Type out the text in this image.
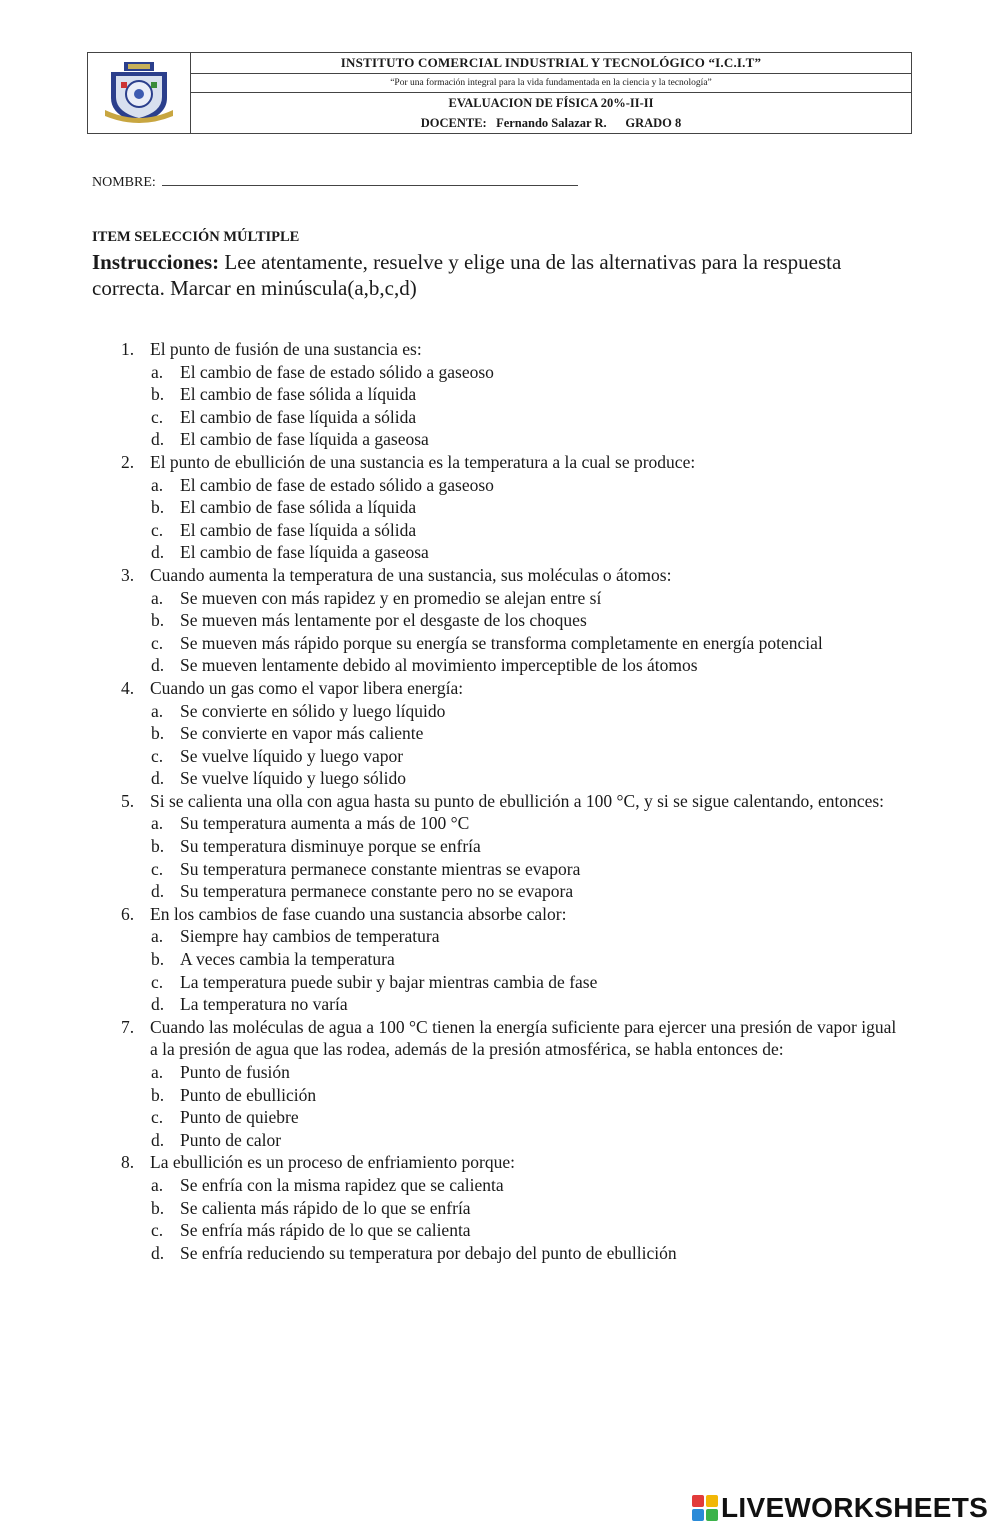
INSTITUTO COMERCIAL INDUSTRIAL Y TECNOLÓGICO “I.C.I.T”
“Por una formación integral para la vida fundamentada en la ciencia y la tecnología”
EVALUACION DE FÍSICA 20%-II-II
DOCENTE:
Fernando Salazar R.
GRADO 8
NOMBRE:
ITEM SELECCIÓN MÚLTIPLE
Instrucciones: Lee atentamente, resuelve y elige una de las alternativas para la respuesta correcta. Marcar en minúscula(a,b,c,d)
1. El punto de fusión de una sustancia es:
a. El cambio de fase de estado sólido a gaseoso
b. El cambio de fase sólida a líquida
c. El cambio de fase líquida a sólida
d. El cambio de fase líquida a gaseosa
2. El punto de ebullición de una sustancia es la temperatura a la cual se produce:
a. El cambio de fase de estado sólido a gaseoso
b. El cambio de fase sólida a líquida
c. El cambio de fase líquida a sólida
d. El cambio de fase líquida a gaseosa
3. Cuando aumenta la temperatura de una sustancia, sus moléculas o átomos:
a. Se mueven con más rapidez y en promedio se alejan entre sí
b. Se mueven más lentamente por el desgaste de los choques
c. Se mueven más rápido porque su energía se transforma completamente en energía potencial
d. Se mueven lentamente debido al movimiento imperceptible de los átomos
4. Cuando un gas como el vapor libera energía:
a. Se convierte en sólido y luego líquido
b. Se convierte en vapor más caliente
c. Se vuelve líquido y luego vapor
d. Se vuelve líquido y luego sólido
5. Si se calienta una olla con agua hasta su punto de ebullición a 100 °C, y si se sigue calentando, entonces:
a. Su temperatura aumenta a más de 100 °C
b. Su temperatura disminuye porque se enfría
c. Su temperatura permanece constante mientras se evapora
d. Su temperatura permanece constante pero no se evapora
6. En los cambios de fase cuando una sustancia absorbe calor:
a. Siempre hay cambios de temperatura
b. A veces cambia la temperatura
c. La temperatura puede subir y bajar mientras cambia de fase
d. La temperatura no varía
7. Cuando las moléculas de agua a 100 °C tienen la energía suficiente para ejercer una presión de vapor igual a la presión de agua que las rodea, además de la presión atmosférica, se habla entonces de:
a. Punto de fusión
b. Punto de ebullición
c. Punto de quiebre
d. Punto de calor
8. La ebullición es un proceso de enfriamiento porque:
a. Se enfría con la misma rapidez que se calienta
b. Se calienta más rápido de lo que se enfría
c. Se enfría más rápido de lo que se calienta
d. Se enfría reduciendo su temperatura por debajo del punto de ebullición
LIVEWORKSHEETS
